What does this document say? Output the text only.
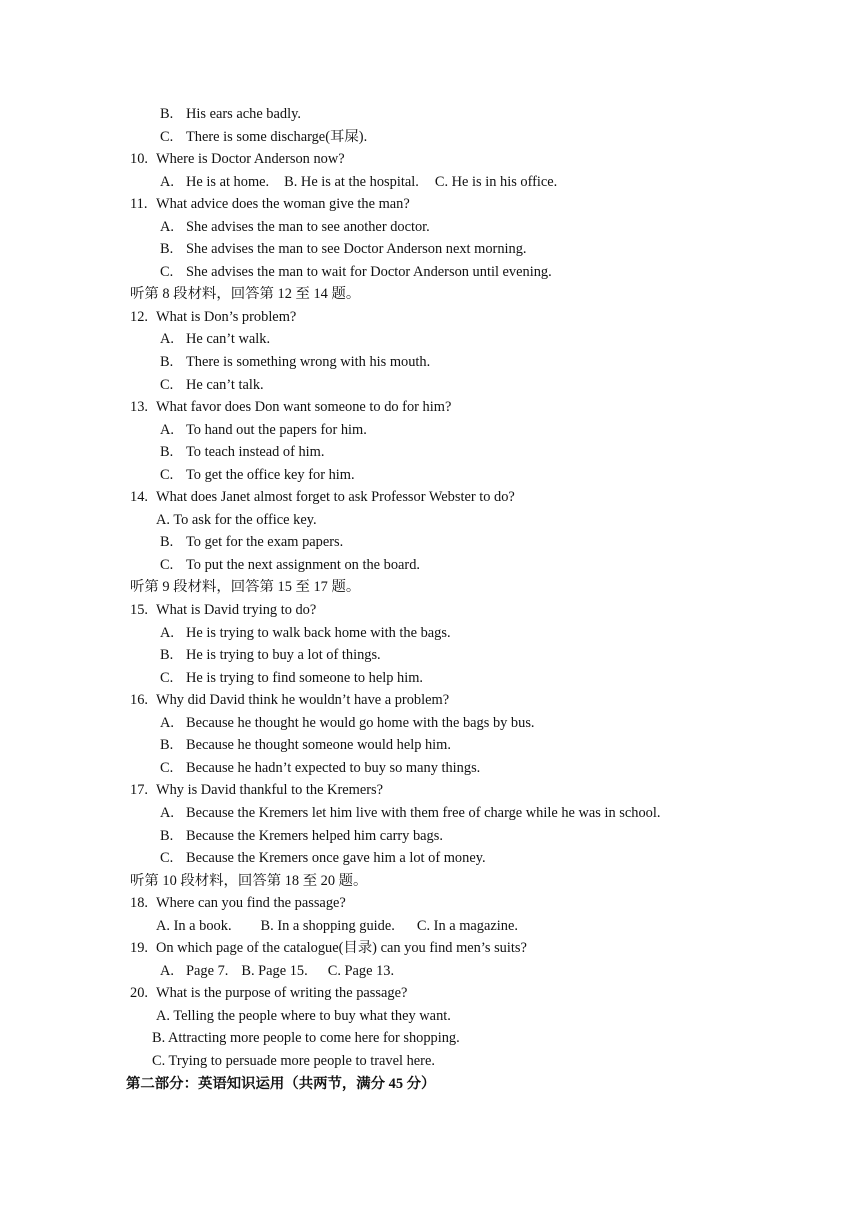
B. His ears ache badly.
C. There is some discharge(耳屎).
10. Where is Doctor Anderson now?
A. He is at home. B. He is at the hospital. C. He is in his office.
11. What advice does the woman give the man?
A. She advises the man to see another doctor.
B. She advises the man to see Doctor Anderson next morning.
C. She advises the man to wait for Doctor Anderson until evening.
听第 8 段材料，回答第 12 至 14 题。
12. What is Don’s problem?
A. He can’t walk.
B. There is something wrong with his mouth.
C. He can’t talk.
13. What favor does Don want someone to do for him?
A. To hand out the papers for him.
B. To teach instead of him.
C. To get the office key for him.
14. What does Janet almost forget to ask Professor Webster to do?
A. To ask for the office key.
B. To get for the exam papers.
C. To put the next assignment on the board.
听第 9 段材料，回答第 15 至 17 题。
15. What is David trying to do?
A. He is trying to walk back home with the bags.
B. He is trying to buy a lot of things.
C. He is trying to find someone to help him.
16. Why did David think he wouldn’t have a problem?
A. Because he thought he would go home with the bags by bus.
B. Because he thought someone would help him.
C. Because he hadn’t expected to buy so many things.
17. Why is David thankful to the Kremers?
A. Because the Kremers let him live with them free of charge while he was in school.
B. Because the Kremers helped him carry bags.
C. Because the Kremers once gave him a lot of money.
听第 10 段材料，回答第 18 至 20 题。
18. Where can you find the passage?
A. In a book. B. In a shopping guide. C. In a magazine.
19. On which page of the catalogue(目录) can you find men’s suits?
A. Page 7. B. Page 15. C. Page 13.
20. What is the purpose of writing the passage?
A. Telling the people where to buy what they want.
B. Attracting more people to come here for shopping.
C. Trying to persuade more people to travel here.
第二部分：英语知识运用（共两节，满分 45 分）
